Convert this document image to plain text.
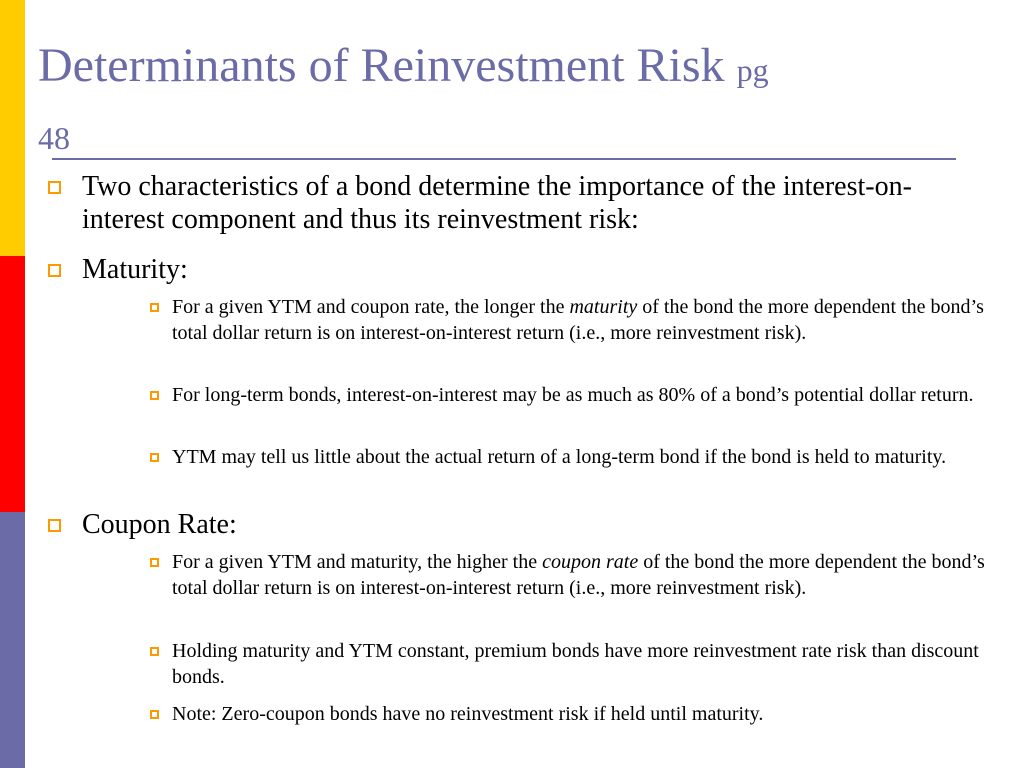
Determinants of Reinvestment Risk pg
48
Two characteristics of a bond determine the importance of the interest-on-interest component and thus its reinvestment risk:
Maturity:
For a given YTM and coupon rate, the longer the maturity of the bond the more dependent the bond’s total dollar return is on interest-on-interest return (i.e., more reinvestment risk).
For long-term bonds, interest-on-interest may be as much as 80% of a bond’s potential dollar return.
YTM may tell us little about the actual return of a long-term bond if the bond is held to maturity.
Coupon Rate:
For a given YTM and maturity, the higher the coupon rate of the bond the more dependent the bond’s total dollar return is on interest-on-interest return (i.e., more reinvestment risk).
Holding maturity and YTM constant, premium bonds have more reinvestment rate risk than discount bonds.
Note: Zero-coupon bonds have no reinvestment risk if held until maturity.
